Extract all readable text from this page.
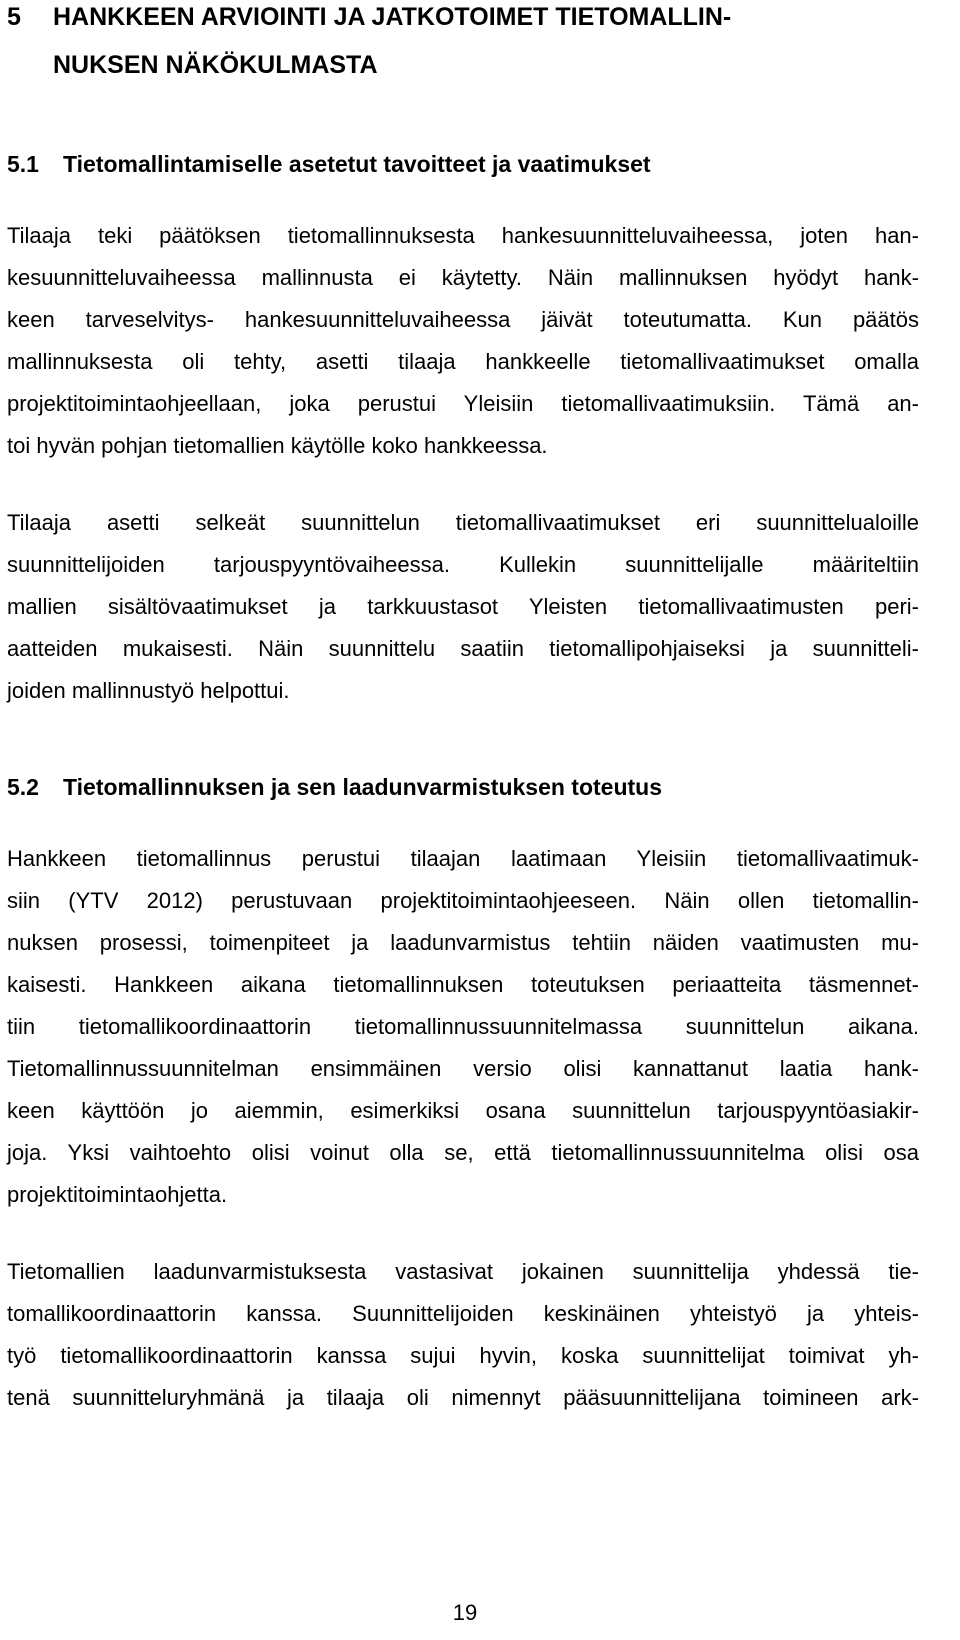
5 HANKKEEN ARVIOINTI JA JATKOTOIMET TIETOMALLIN-
NUKSEN NÄKÖKULMASTA
5.1 Tietomallintamiselle asetetut tavoitteet ja vaatimukset
Tilaaja teki päätöksen tietomallinnuksesta hankesuunnitteluvaiheessa, joten han-
kesuunnitteluvaiheessa mallinnusta ei käytetty. Näin mallinnuksen hyödyt hank-
keen tarveselvitys- hankesuunnitteluvaiheessa jäivät toteutumatta. Kun päätös
mallinnuksesta oli tehty, asetti tilaaja hankkeelle tietomallivaatimukset omalla
projektitoimintaohjeellaan, joka perustui Yleisiin tietomallivaatimuksiin. Tämä an-
toi hyvän pohjan tietomallien käytölle koko hankkeessa.
Tilaaja asetti selkeät suunnittelun tietomallivaatimukset eri suunnittelualoille
suunnittelijoiden tarjouspyyntövaiheessa. Kullekin suunnittelijalle määriteltiin
mallien sisältövaatimukset ja tarkkuustasot Yleisten tietomallivaatimusten peri-
aatteiden mukaisesti. Näin suunnittelu saatiin tietomallipohjaiseksi ja suunnitteli-
joiden mallinnustyö helpottui.
5.2 Tietomallinnuksen ja sen laadunvarmistuksen toteutus
Hankkeen tietomallinnus perustui tilaajan laatimaan Yleisiin tietomallivaatimuk-
siin (YTV 2012) perustuvaan projektitoimintaohjeeseen. Näin ollen tietomallin-
nuksen prosessi, toimenpiteet ja laadunvarmistus tehtiin näiden vaatimusten mu-
kaisesti. Hankkeen aikana tietomallinnuksen toteutuksen periaatteita täsmennet-
tiin tietomallikoordinaattorin tietomallinnussuunnitelmassa suunnittelun aikana.
Tietomallinnussuunnitelman ensimmäinen versio olisi kannattanut laatia hank-
keen käyttöön jo aiemmin, esimerkiksi osana suunnittelun tarjouspyyntöasiakir-
joja. Yksi vaihtoehto olisi voinut olla se, että tietomallinnussuunnitelma olisi osa
projektitoimintaohjetta.
Tietomallien laadunvarmistuksesta vastasivat jokainen suunnittelija yhdessä tie-
tomallikoordinaattorin kanssa. Suunnittelijoiden keskinäinen yhteistyö ja yhteis-
työ tietomallikoordinaattorin kanssa sujui hyvin, koska suunnittelijat toimivat yh-
tenä suunnitteluryhmänä ja tilaaja oli nimennyt pääsuunnittelijana toimineen ark-
19
